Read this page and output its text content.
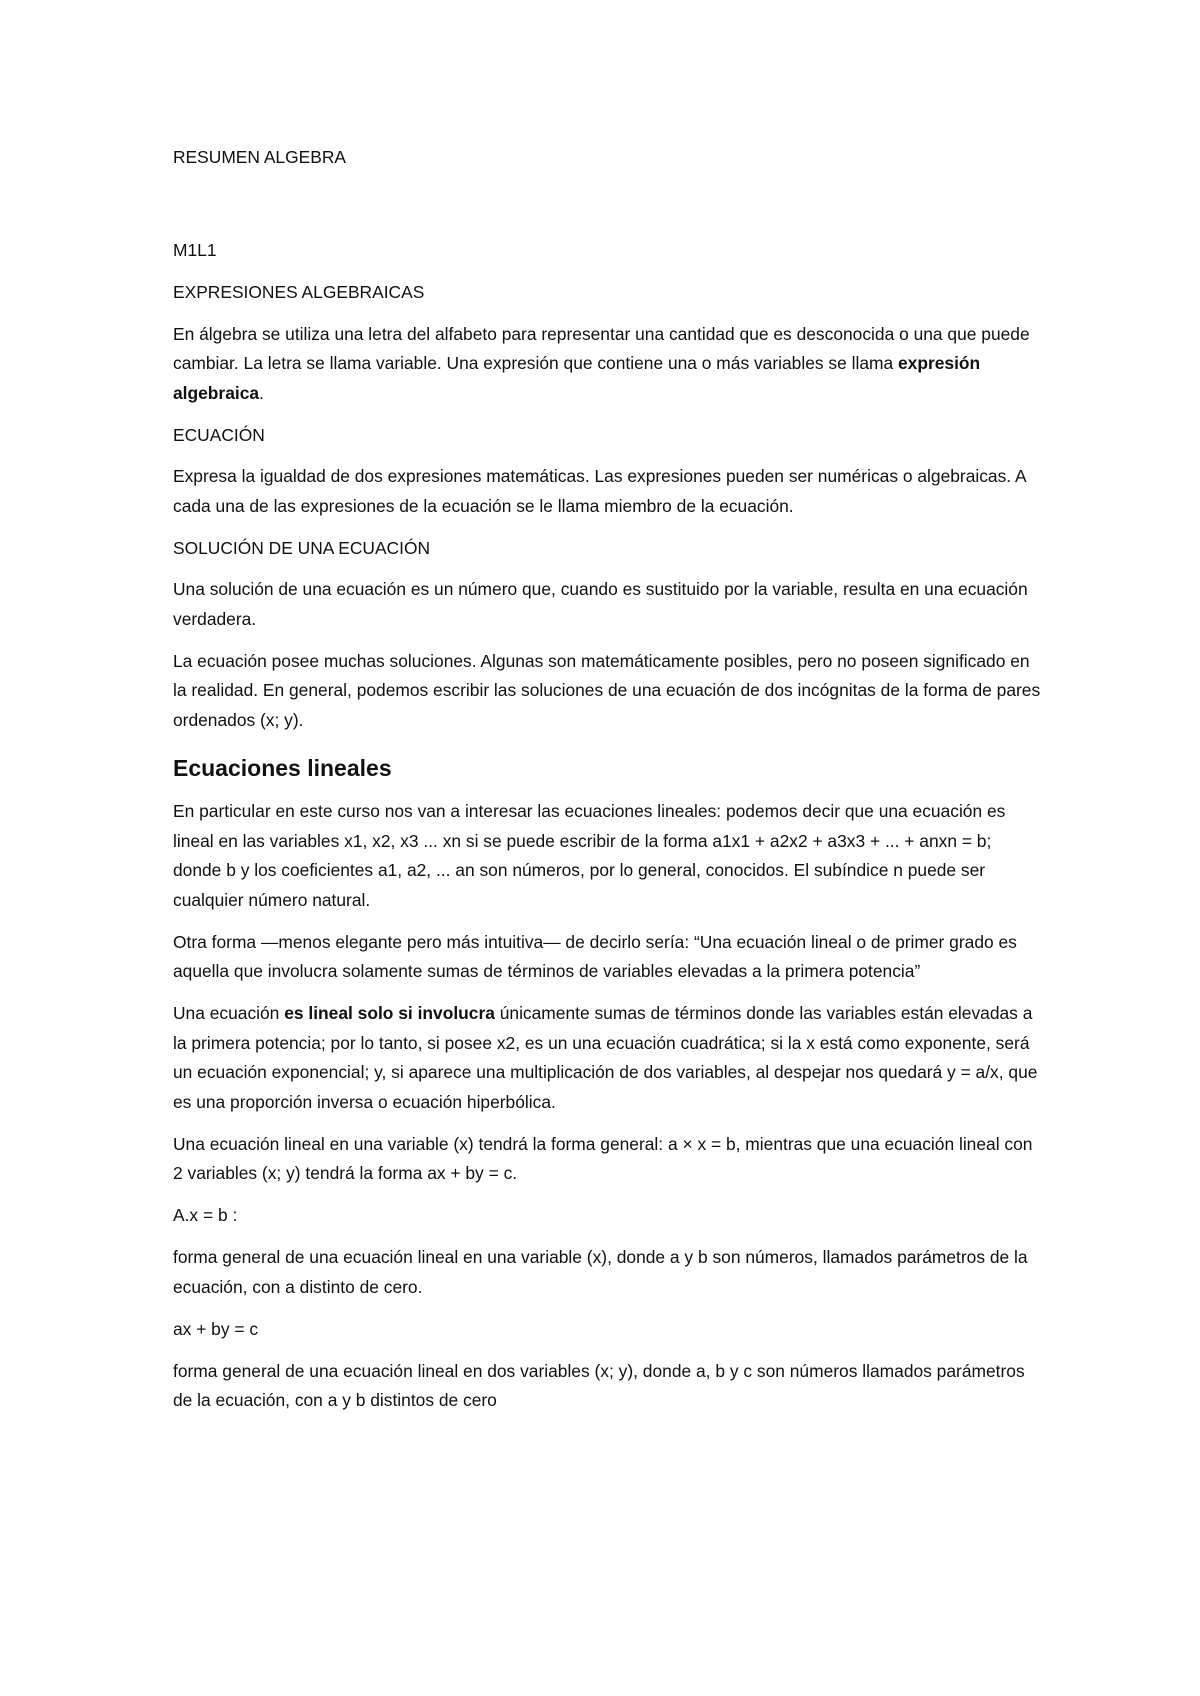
RESUMEN ALGEBRA

M1L1

EXPRESIONES ALGEBRAICAS

En álgebra se utiliza una letra del alfabeto para representar una cantidad que es desconocida o una que puede cambiar. La letra se llama variable. Una expresión que contiene una o más variables se llama expresión algebraica.

ECUACIÓN

Expresa la igualdad de dos expresiones matemáticas. Las expresiones pueden ser numéricas o algebraicas. A cada una de las expresiones de la ecuación se le llama miembro de la ecuación.

SOLUCIÓN DE UNA ECUACIÓN

Una solución de una ecuación es un número que, cuando es sustituido por la variable, resulta en una ecuación verdadera.

La ecuación posee muchas soluciones. Algunas son matemáticamente posibles, pero no poseen significado en la realidad. En general, podemos escribir las soluciones de una ecuación de dos incógnitas de la forma de pares ordenados (x; y).

Ecuaciones lineales

En particular en este curso nos van a interesar las ecuaciones lineales: podemos decir que una ecuación es lineal en las variables x1, x2, x3 ... xn si se puede escribir de la forma a1x1 + a2x2 + a3x3 + ... + anxn = b; donde b y los coeficientes a1, a2, ... an son números, por lo general, conocidos. El subíndice n puede ser cualquier número natural.

Otra forma —menos elegante pero más intuitiva— de decirlo sería: “Una ecuación lineal o de primer grado es aquella que involucra solamente sumas de términos de variables elevadas a la primera potencia”

Una ecuación es lineal solo si involucra únicamente sumas de términos donde las variables están elevadas a la primera potencia; por lo tanto, si posee x2, es un una ecuación cuadrática; si la x está como exponente, será un ecuación exponencial; y, si aparece una multiplicación de dos variables, al despejar nos quedará y = a/x, que es una proporción inversa o ecuación hiperbólica.

Una ecuación lineal en una variable (x) tendrá la forma general: a × x = b, mientras que una ecuación lineal con 2 variables (x; y) tendrá la forma ax + by = c.

A.x = b :

forma general de una ecuación lineal en una variable (x), donde a y b son números, llamados parámetros de la ecuación, con a distinto de cero.

ax + by = c

forma general de una ecuación lineal en dos variables (x; y), donde a, b y c son números llamados parámetros de la ecuación, con a y b distintos de cero
